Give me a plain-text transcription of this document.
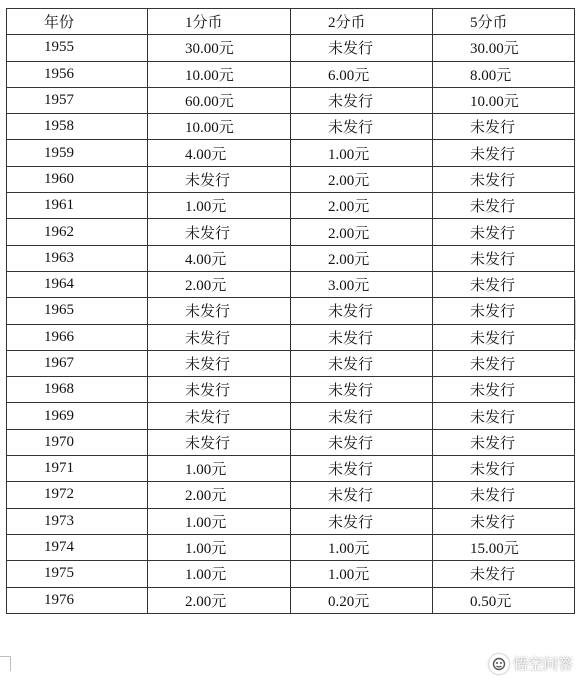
年份	1分币	2分币	5分币
1955	30.00元	未发行	30.00元
1956	10.00元	6.00元	8.00元
1957	60.00元	未发行	10.00元
1958	10.00元	未发行	未发行
1959	4.00元	1.00元	未发行
1960	未发行	2.00元	未发行
1961	1.00元	2.00元	未发行
1962	未发行	2.00元	未发行
1963	4.00元	2.00元	未发行
1964	2.00元	3.00元	未发行
1965	未发行	未发行	未发行
1966	未发行	未发行	未发行
1967	未发行	未发行	未发行
1968	未发行	未发行	未发行
1969	未发行	未发行	未发行
1970	未发行	未发行	未发行
1971	1.00元	未发行	未发行
1972	2.00元	未发行	未发行
1973	1.00元	未发行	未发行
1974	1.00元	1.00元	15.00元
1975	1.00元	1.00元	未发行
1976	2.00元	0.20元	0.50元
悟空问答
